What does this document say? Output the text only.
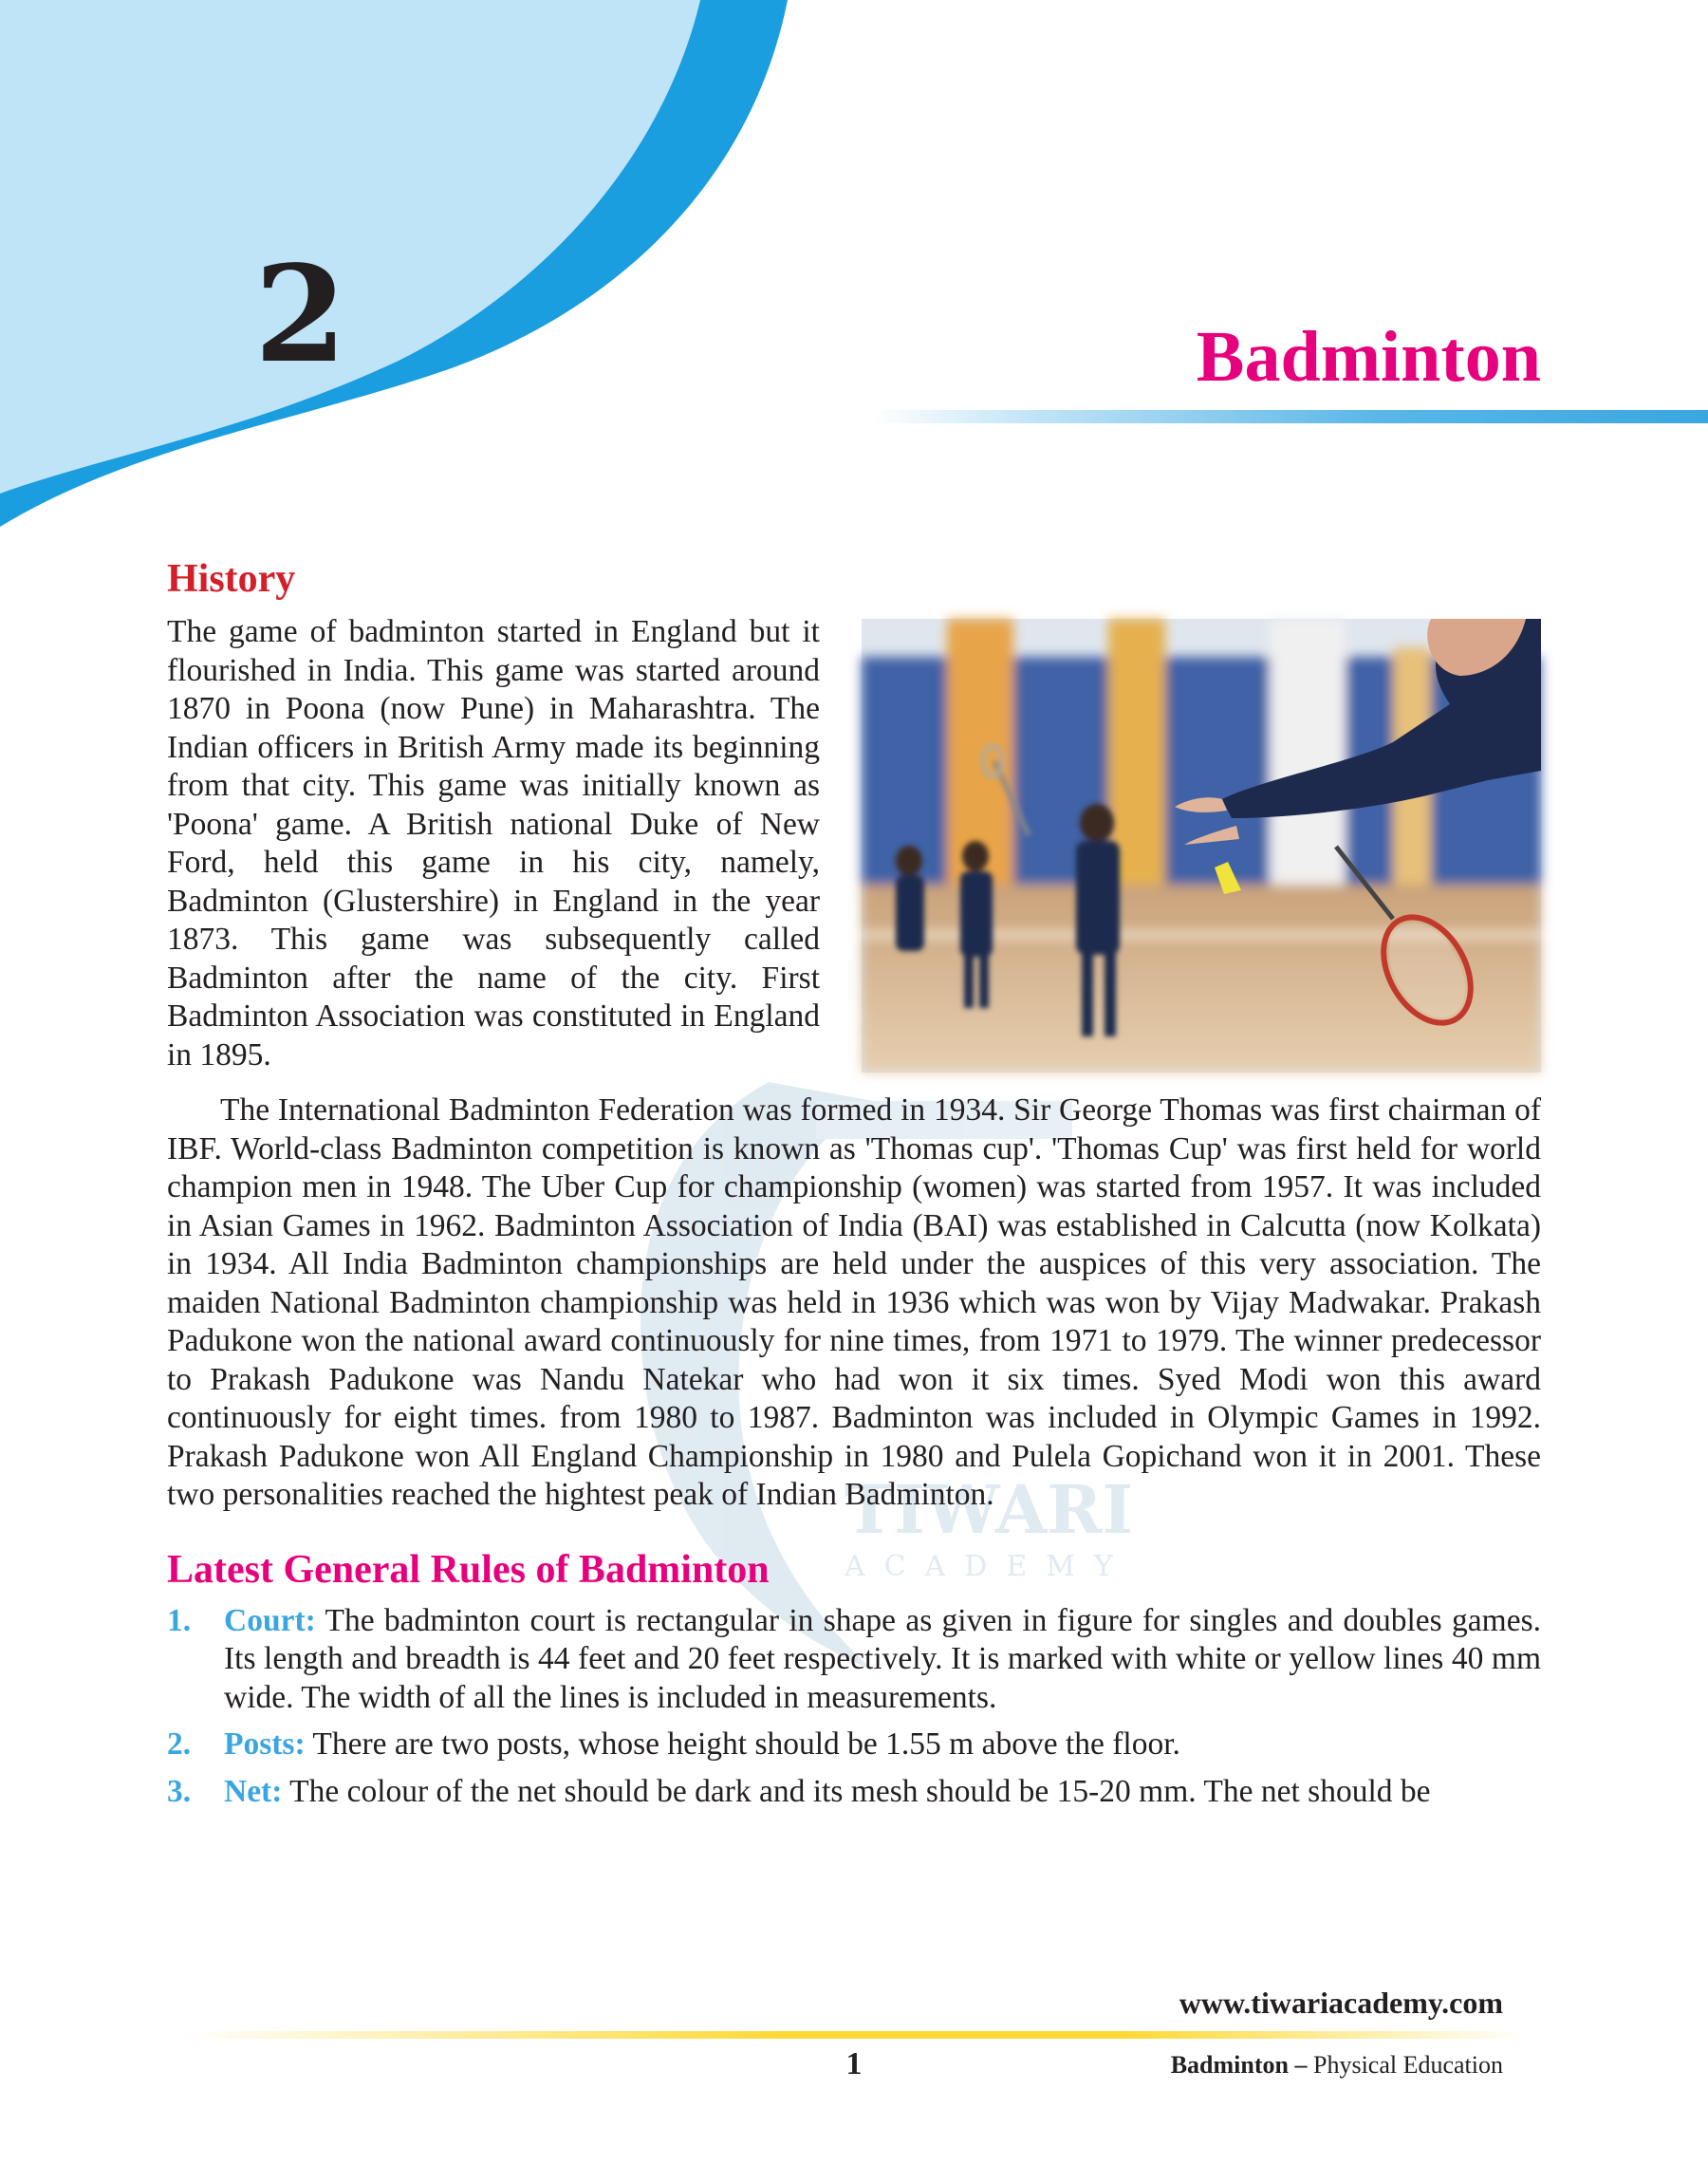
2	Badminton
TIWARI
ACADEMY
History

The game of badminton started in England but it flourished in India. This game was started around 1870 in Poona (now Pune) in Maharashtra. The Indian officers in British Army made its beginning from that city. This game was initially known as 'Poona' game. A British national Duke of New Ford, held this game in his city, namely, Badminton (Glustershire) in England in the year 1873. This game was subsequently called Badminton after the name of the city. First Badminton Association was constituted in England in 1895.

The International Badminton Federation was formed in 1934. Sir George Thomas was first chairman of IBF. World-class Badminton competition is known as 'Thomas cup'. 'Thomas Cup' was first held for world champion men in 1948. The Uber Cup for championship (women) was started from 1957. It was included in Asian Games in 1962. Badminton Association of India (BAI) was established in Calcutta (now Kolkata) in 1934. All India Badminton championships are held under the auspices of this very association. The maiden National Badminton championship was held in 1936 which was won by Vijay Madwakar. Prakash Padukone won the national award continuously for nine times, from 1971 to 1979. The winner predecessor to Prakash Padukone was Nandu Natekar who had won it six times. Syed Modi won this award continuously for eight times. from 1980 to 1987. Badminton was included in Olympic Games in 1992. Prakash Padukone won All England Championship in 1980 and Pulela Gopichand won it in 2001. These two personalities reached the hightest peak of Indian Badminton.

Latest General Rules of Badminton
1. Court: The badminton court is rectangular in shape as given in figure for singles and doubles games. Its length and breadth is 44 feet and 20 feet respectively. It is marked with white or yellow lines 40 mm wide. The width of all the lines is included in measurements.
2. Posts: There are two posts, whose height should be 1.55 m above the floor.
3. Net: The colour of the net should be dark and its mesh should be 15-20 mm. The net should be
www.tiwariacademy.com
1	Badminton – Physical Education
